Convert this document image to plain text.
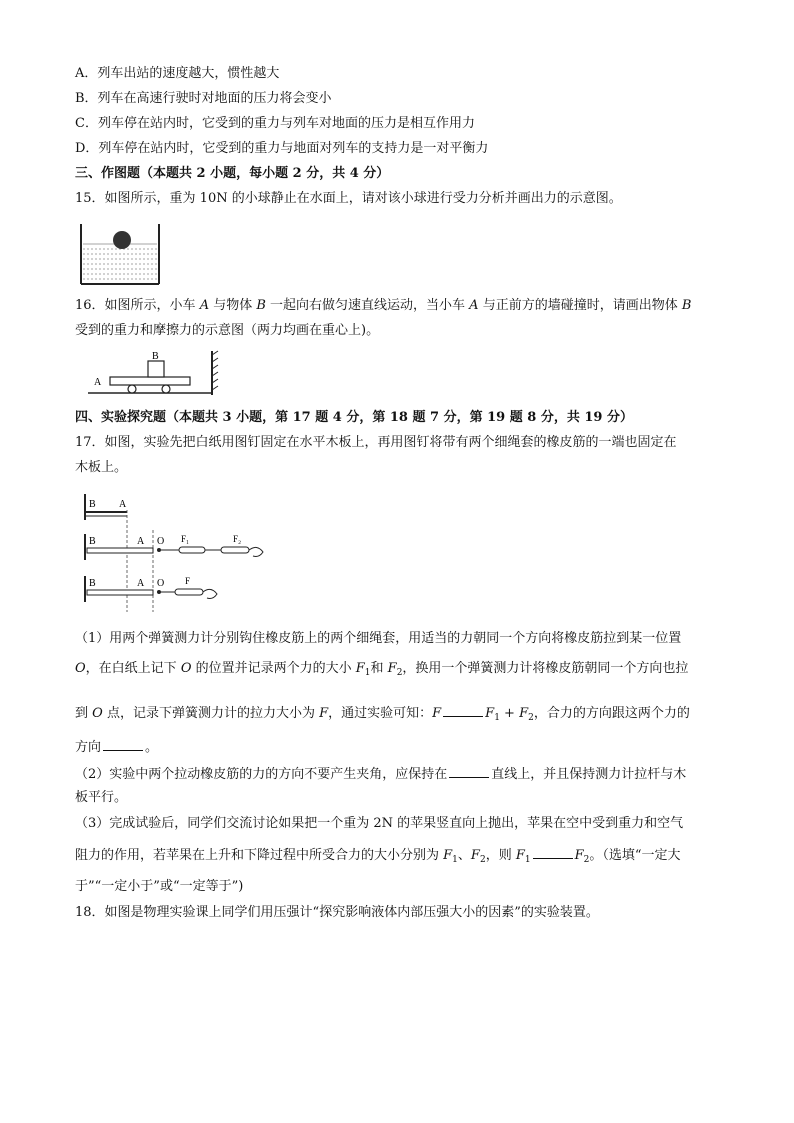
A．列车出站的速度越大，惯性越大
B．列车在高速行驶时对地面的压力将会变小
C．列车停在站内时，它受到的重力与列车对地面的压力是相互作用力
D．列车停在站内时，它受到的重力与地面对列车的支持力是一对平衡力
三、作图题（本题共 2 小题，每小题 2 分，共 4 分）
15．如图所示，重为 10N 的小球静止在水面上，请对该小球进行受力分析并画出力的示意图。
16．如图所示，小车 A 与物体 B 一起向右做匀速直线运动，当小车 A 与正前方的墙碰撞时，请画出物体 B
受到的重力和摩擦力的示意图（两力均画在重心上)。
B
A
四、实验探究题（本题共 3 小题，第 17 题 4 分，第 18 题 7 分，第 19 题 8 分，共 19 分）
17．如图，实验先把白纸用图钉固定在水平木板上，再用图钉将带有两个细绳套的橡皮筋的一端也固定在
木板上。
B A
B	A O F₁	F₂
B	A O F
（1）用两个弹簧测力计分别钩住橡皮筋上的两个细绳套，用适当的力朝同一个方向将橡皮筋拉到某一位置
O，在白纸上记下 O 的位置并记录两个力的大小 $F_1$和 $F_2$，换用一个弹簧测力计将橡皮筋朝同一个方向也拉
到 O 点，记录下弹簧测力计的拉力大小为 F，通过实验可知：F	$F_1 + F_2$，合力的方向跟这两个力的
方向	。
（2）实验中两个拉动橡皮筋的力的方向不要产生夹角，应保持在	直线上，并且保持测力计拉杆与木
板平行。
（3）完成试验后，同学们交流讨论如果把一个重为 2N 的苹果竖直向上抛出，苹果在空中受到重力和空气
阻力的作用，若苹果在上升和下降过程中所受合力的大小分别为 $F_1$、$F_2$，则 $F_1$	$F_2$。（选填“一定大
于”“一定小于”或“一定等于”)
18．如图是物理实验课上同学们用压强计“探究影响液体内部压强大小的因素”的实验装置。
